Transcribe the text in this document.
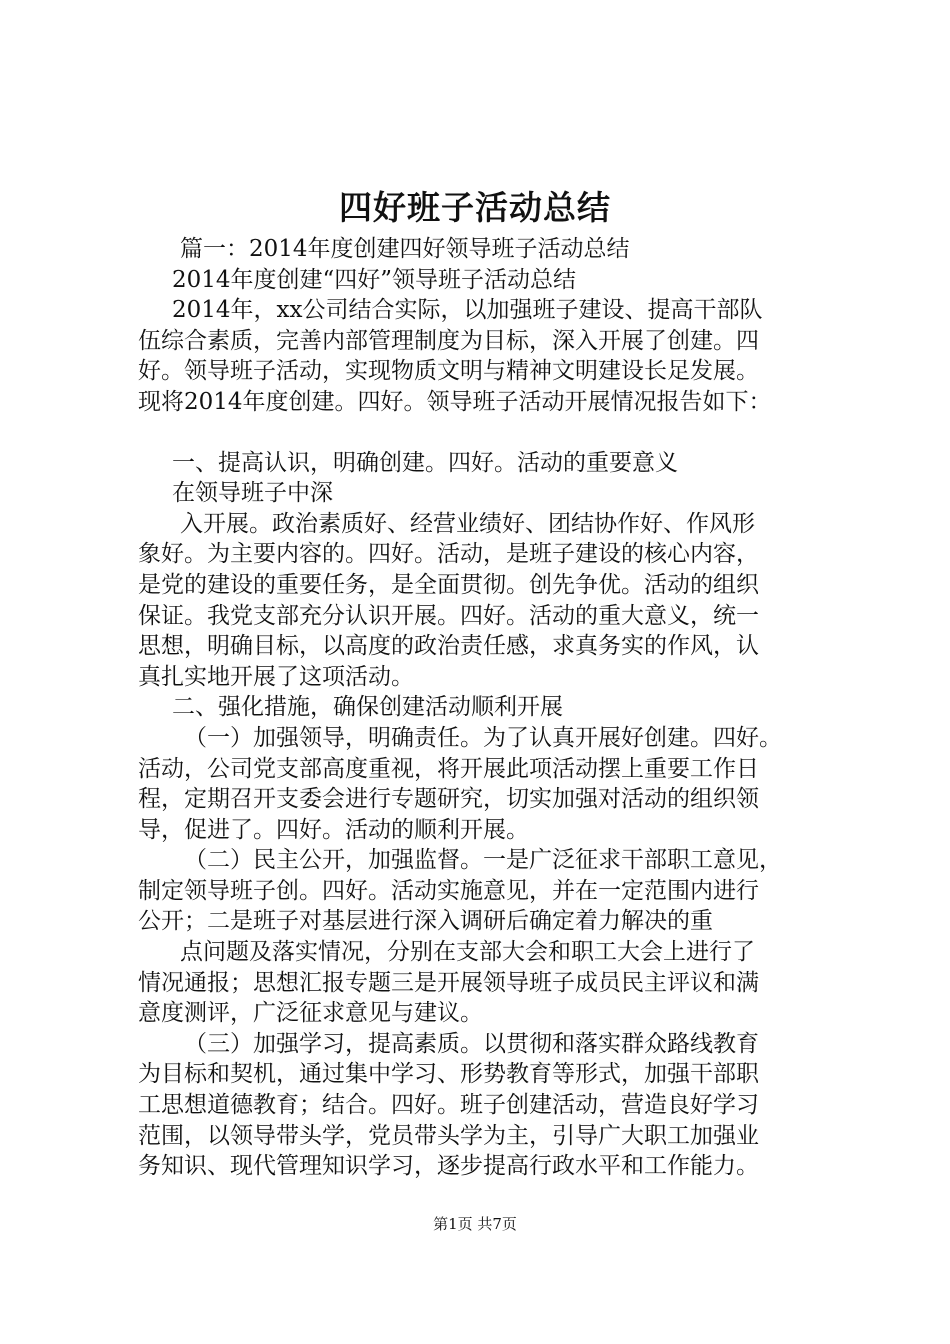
四好班子活动总结
篇一：2014年度创建四好领导班子活动总结
2014年度创建“四好”领导班子活动总结
2014年，xx公司结合实际，以加强班子建设、提高干部队
伍综合素质，完善内部管理制度为目标，深入开展了创建。四
好。领导班子活动，实现物质文明与精神文明建设长足发展。
现将2014年度创建。四好。领导班子活动开展情况报告如下：
一、提高认识，明确创建。四好。活动的重要意义
在领导班子中深
入开展。政治素质好、经营业绩好、团结协作好、作风形
象好。为主要内容的。四好。活动，是班子建设的核心内容，
是党的建设的重要任务，是全面贯彻。创先争优。活动的组织
保证。我党支部充分认识开展。四好。活动的重大意义，统一
思想，明确目标，以高度的政治责任感，求真务实的作风，认
真扎实地开展了这项活动。
二、强化措施，确保创建活动顺利开展
（一）加强领导，明确责任。为了认真开展好创建。四好。
活动，公司党支部高度重视，将开展此项活动摆上重要工作日
程，定期召开支委会进行专题研究，切实加强对活动的组织领
导，促进了。四好。活动的顺利开展。
（二）民主公开，加强监督。一是广泛征求干部职工意见，
制定领导班子创。四好。活动实施意见，并在一定范围内进行
公开；二是班子对基层进行深入调研后确定着力解决的重
点问题及落实情况，分别在支部大会和职工大会上进行了
情况通报；思想汇报专题三是开展领导班子成员民主评议和满
意度测评，广泛征求意见与建议。
（三）加强学习，提高素质。以贯彻和落实群众路线教育
为目标和契机，通过集中学习、形势教育等形式，加强干部职
工思想道德教育；结合。四好。班子创建活动，营造良好学习
范围，以领导带头学，党员带头学为主，引导广大职工加强业
务知识、现代管理知识学习，逐步提高行政水平和工作能力。
第1页 共7页
